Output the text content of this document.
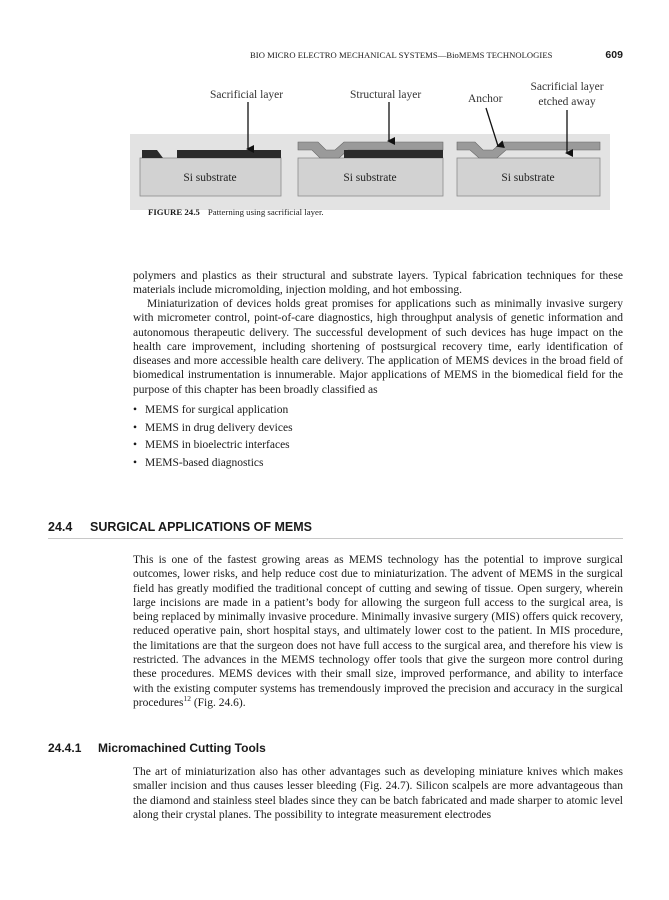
BIO MICRO ELECTRO MECHANICAL SYSTEMS—BioMEMS TECHNOLOGIES	609
Sacrificial layer
Si substrate
Structural layer
Si substrate
Anchor
Sacrificial layer
etched away
Si substrate
FIGURE 24.5 Patterning using sacrificial layer.

polymers and plastics as their structural and substrate layers. Typical fabrication techniques for these materials include micromolding, injection molding, and hot embossing.

Miniaturization of devices holds great promises for applications such as minimally invasive surgery with micrometer control, point-of-care diagnostics, high throughput analysis of genetic information and autonomous therapeutic delivery. The successful development of such devices has huge impact on the health care improvement, including shortening of postsurgical recovery time, early identification of diseases and more accessible health care delivery. The application of MEMS devices in the broad field of biomedical instrumentation is innumerable. Major applications of MEMS in the biomedical field for the purpose of this chapter has been broadly classified as

• MEMS for surgical application
• MEMS in drug delivery devices
• MEMS in bioelectric interfaces
• MEMS-based diagnostics
24.4 SURGICAL APPLICATIONS OF MEMS

This is one of the fastest growing areas as MEMS technology has the potential to improve surgical outcomes, lower risks, and help reduce cost due to miniaturization. The advent of MEMS in the surgical field has greatly modified the traditional concept of cutting and sewing of tissue. Open surgery, wherein large incisions are made in a patient’s body for allowing the surgeon full access to the surgical area, is being replaced by minimally invasive procedure. Minimally invasive surgery (MIS) offers quick recovery, reduced operative pain, short hospital stays, and ultimately lower cost to the patient. In MIS procedure, the limitations are that the surgeon does not have full access to the surgical area, and therefore his view is restricted. The advances in the MEMS technology offer tools that give the surgeon more control during these procedures. MEMS devices with their small size, improved performance, and ability to interface with the existing computer systems has tremendously improved the precision and accuracy in the surgical procedures$^{12}$ (Fig. 24.6).

24.4.1 Micromachined Cutting Tools

The art of miniaturization also has other advantages such as developing miniature knives which makes smaller incision and thus causes lesser bleeding (Fig. 24.7). Silicon scalpels are more advantageous than the diamond and stainless steel blades since they can be batch fabricated and made sharper to atomic level along their crystal planes. The possibility to integrate measurement electrodes
